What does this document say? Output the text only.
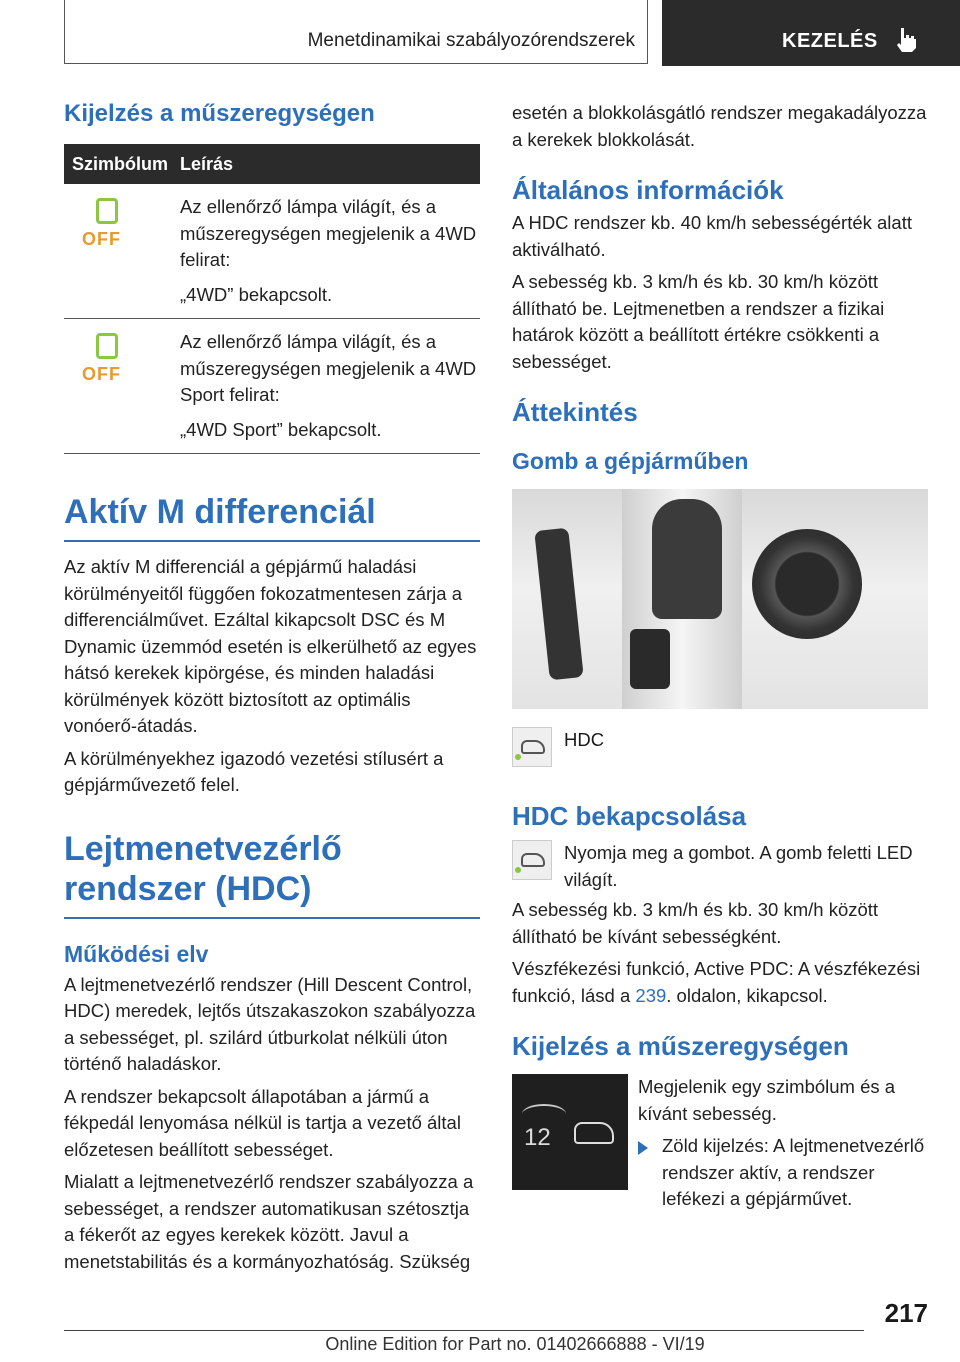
Menetdinamikai szabályozórendszerek	KEZELÉS
Kijelzés a műszeregységen
Szimbólum	Leírás

OFF	Az ellenőrző lámpa világít, és a műszeregységen megjelenik a 4WD felirat:

„4WD” bekapcsolt.

OFF	Az ellenőrző lámpa világít, és a műszeregységen megjelenik a 4WD Sport felirat:

„4WD Sport” bekapcsolt.

Aktív M differenciál

Az aktív M differenciál a gépjármű haladási körülményeitől függően fokozatmentesen zárja a differenciálművet. Ezáltal kikapcsolt DSC és M Dynamic üzemmód esetén is elkerülhető az egyes hátsó kerekek kipörgése, és minden haladási körülmények között biztosított az optimális vonóerő-átadás.

A körülményekhez igazodó vezetési stílusért a gépjárművezető felel.

Lejtmenetvezérlő rendszer (HDC)
Működési elv

A lejtmenetvezérlő rendszer (Hill Descent Control, HDC) meredek, lejtős útszakaszokon szabályozza a sebességet, pl. szilárd útburkolat nélküli úton történő haladáskor.

A rendszer bekapcsolt állapotában a jármű a fékpedál lenyomása nélkül is tartja a vezető által előzetesen beállított sebességet.

Mialatt a lejtmenetvezérlő rendszer szabályozza a sebességet, a rendszer automatikusan szétosztja a fékerőt az egyes kerekek között. Javul a menetstabilitás és a kormányozhatóság. Szükség

esetén a blokkolásgátló rendszer megakadályozza a kerekek blokkolását.

Általános információk

A HDC rendszer kb. 40 km/h sebességérték alatt aktiválható.

A sebesség kb. 3 km/h és kb. 30 km/h között állítható be. Lejtmenetben a rendszer a fizikai határok között a beállított értékre csökkenti a sebességet.

Áttekintés
Gomb a gépjárműben
HDC
HDC bekapcsolása

Nyomja meg a gombot. A gomb feletti LED világít.

A sebesség kb. 3 km/h és kb. 30 km/h között állítható be kívánt sebességként.

Vészfékezési funkció, Active PDC: A vészfékezési funkció, lásd a 239. oldalon, kikapcsol.

Kijelzés a műszeregységen
12

Megjelenik egy szimbólum és a kívánt sebesség.

Zöld kijelzés: A lejtmenetvezérlő rendszer aktív, a rendszer lefékezi a gépjárművet.
217
Online Edition for Part no. 01402666888 - VI/19
